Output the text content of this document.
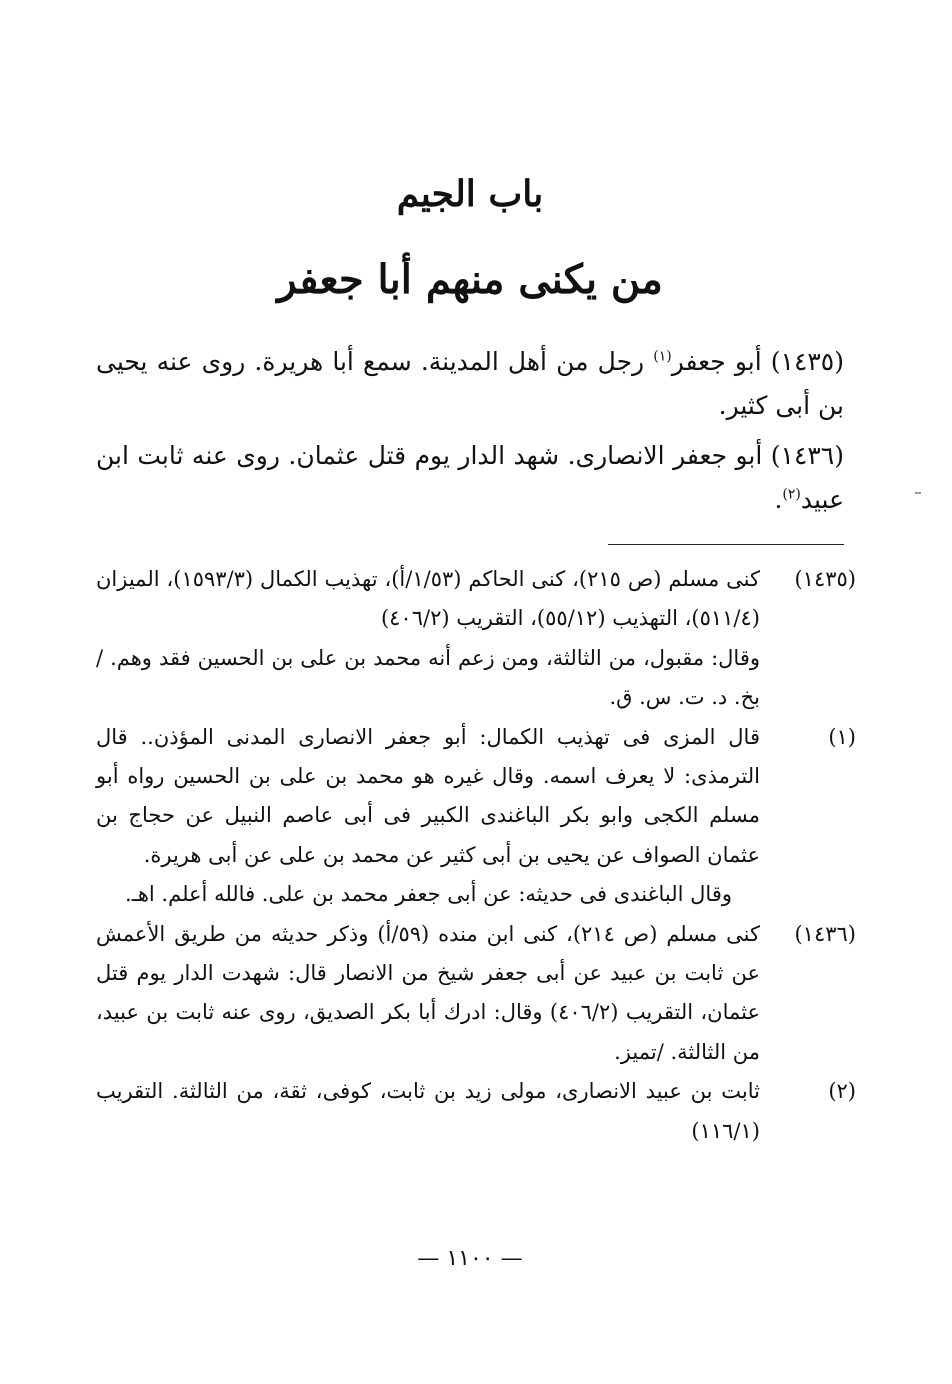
باب الجيم
من يكنى منهم أبا جعفر

(١٤٣٥) أبو جعفر$^{(١)}$ رجل من أهل المدينة. سمع أبا هريرة. روى عنه يحيى بن أبى كثير.

(١٤٣٦) أبو جعفر الانصارى. شهد الدار يوم قتل عثمان. روى عنه ثابت ابن عبيد$^{(٢)}$.

(١٤٣٥)
كنى مسلم (ص ٢١٥)، كنى الحاكم (١/٥٣/أ)، تهذيب الكمال (١٥٩٣/٣)، الميزان (٥١١/٤)، التهذيب (٥٥/١٢)، التقريب (٤٠٦/٢)
وقال: مقبول، من الثالثة، ومن زعم أنه محمد بن على بن الحسين فقد وهم. /بخ. د. ت. س. ق.
(١)
قال المزى فى تهذيب الكمال: أبو جعفر الانصارى المدنى المؤذن.. قال الترمذى: لا يعرف اسمه. وقال غيره هو محمد بن على بن الحسين رواه أبو مسلم الكجى وابو بكر الباغندى الكبير فى أبى عاصم النبيل عن حجاج بن عثمان الصواف عن يحيى بن أبى كثير عن محمد بن على عن أبى هريرة.
وقال الباغندى فى حديثه: عن أبى جعفر محمد بن على. فالله أعلم. اهـ.
(١٤٣٦)
كنى مسلم (ص ٢١٤)، كنى ابن منده (٥٩/أ) وذكر حديثه من طريق الأعمش عن ثابت بن عبيد عن أبى جعفر شيخ من الانصار قال: شهدت الدار يوم قتل عثمان، التقريب (٤٠٦/٢) وقال: ادرك أبا بكر الصديق، روى عنه ثابت بن عبيد، من الثالثة. /تميز.
(٢)
ثابت بن عبيد الانصارى، مولى زيد بن ثابت، كوفى، ثقة، من الثالثة. التقريب (١١٦/١)
— ١١٠٠ —
